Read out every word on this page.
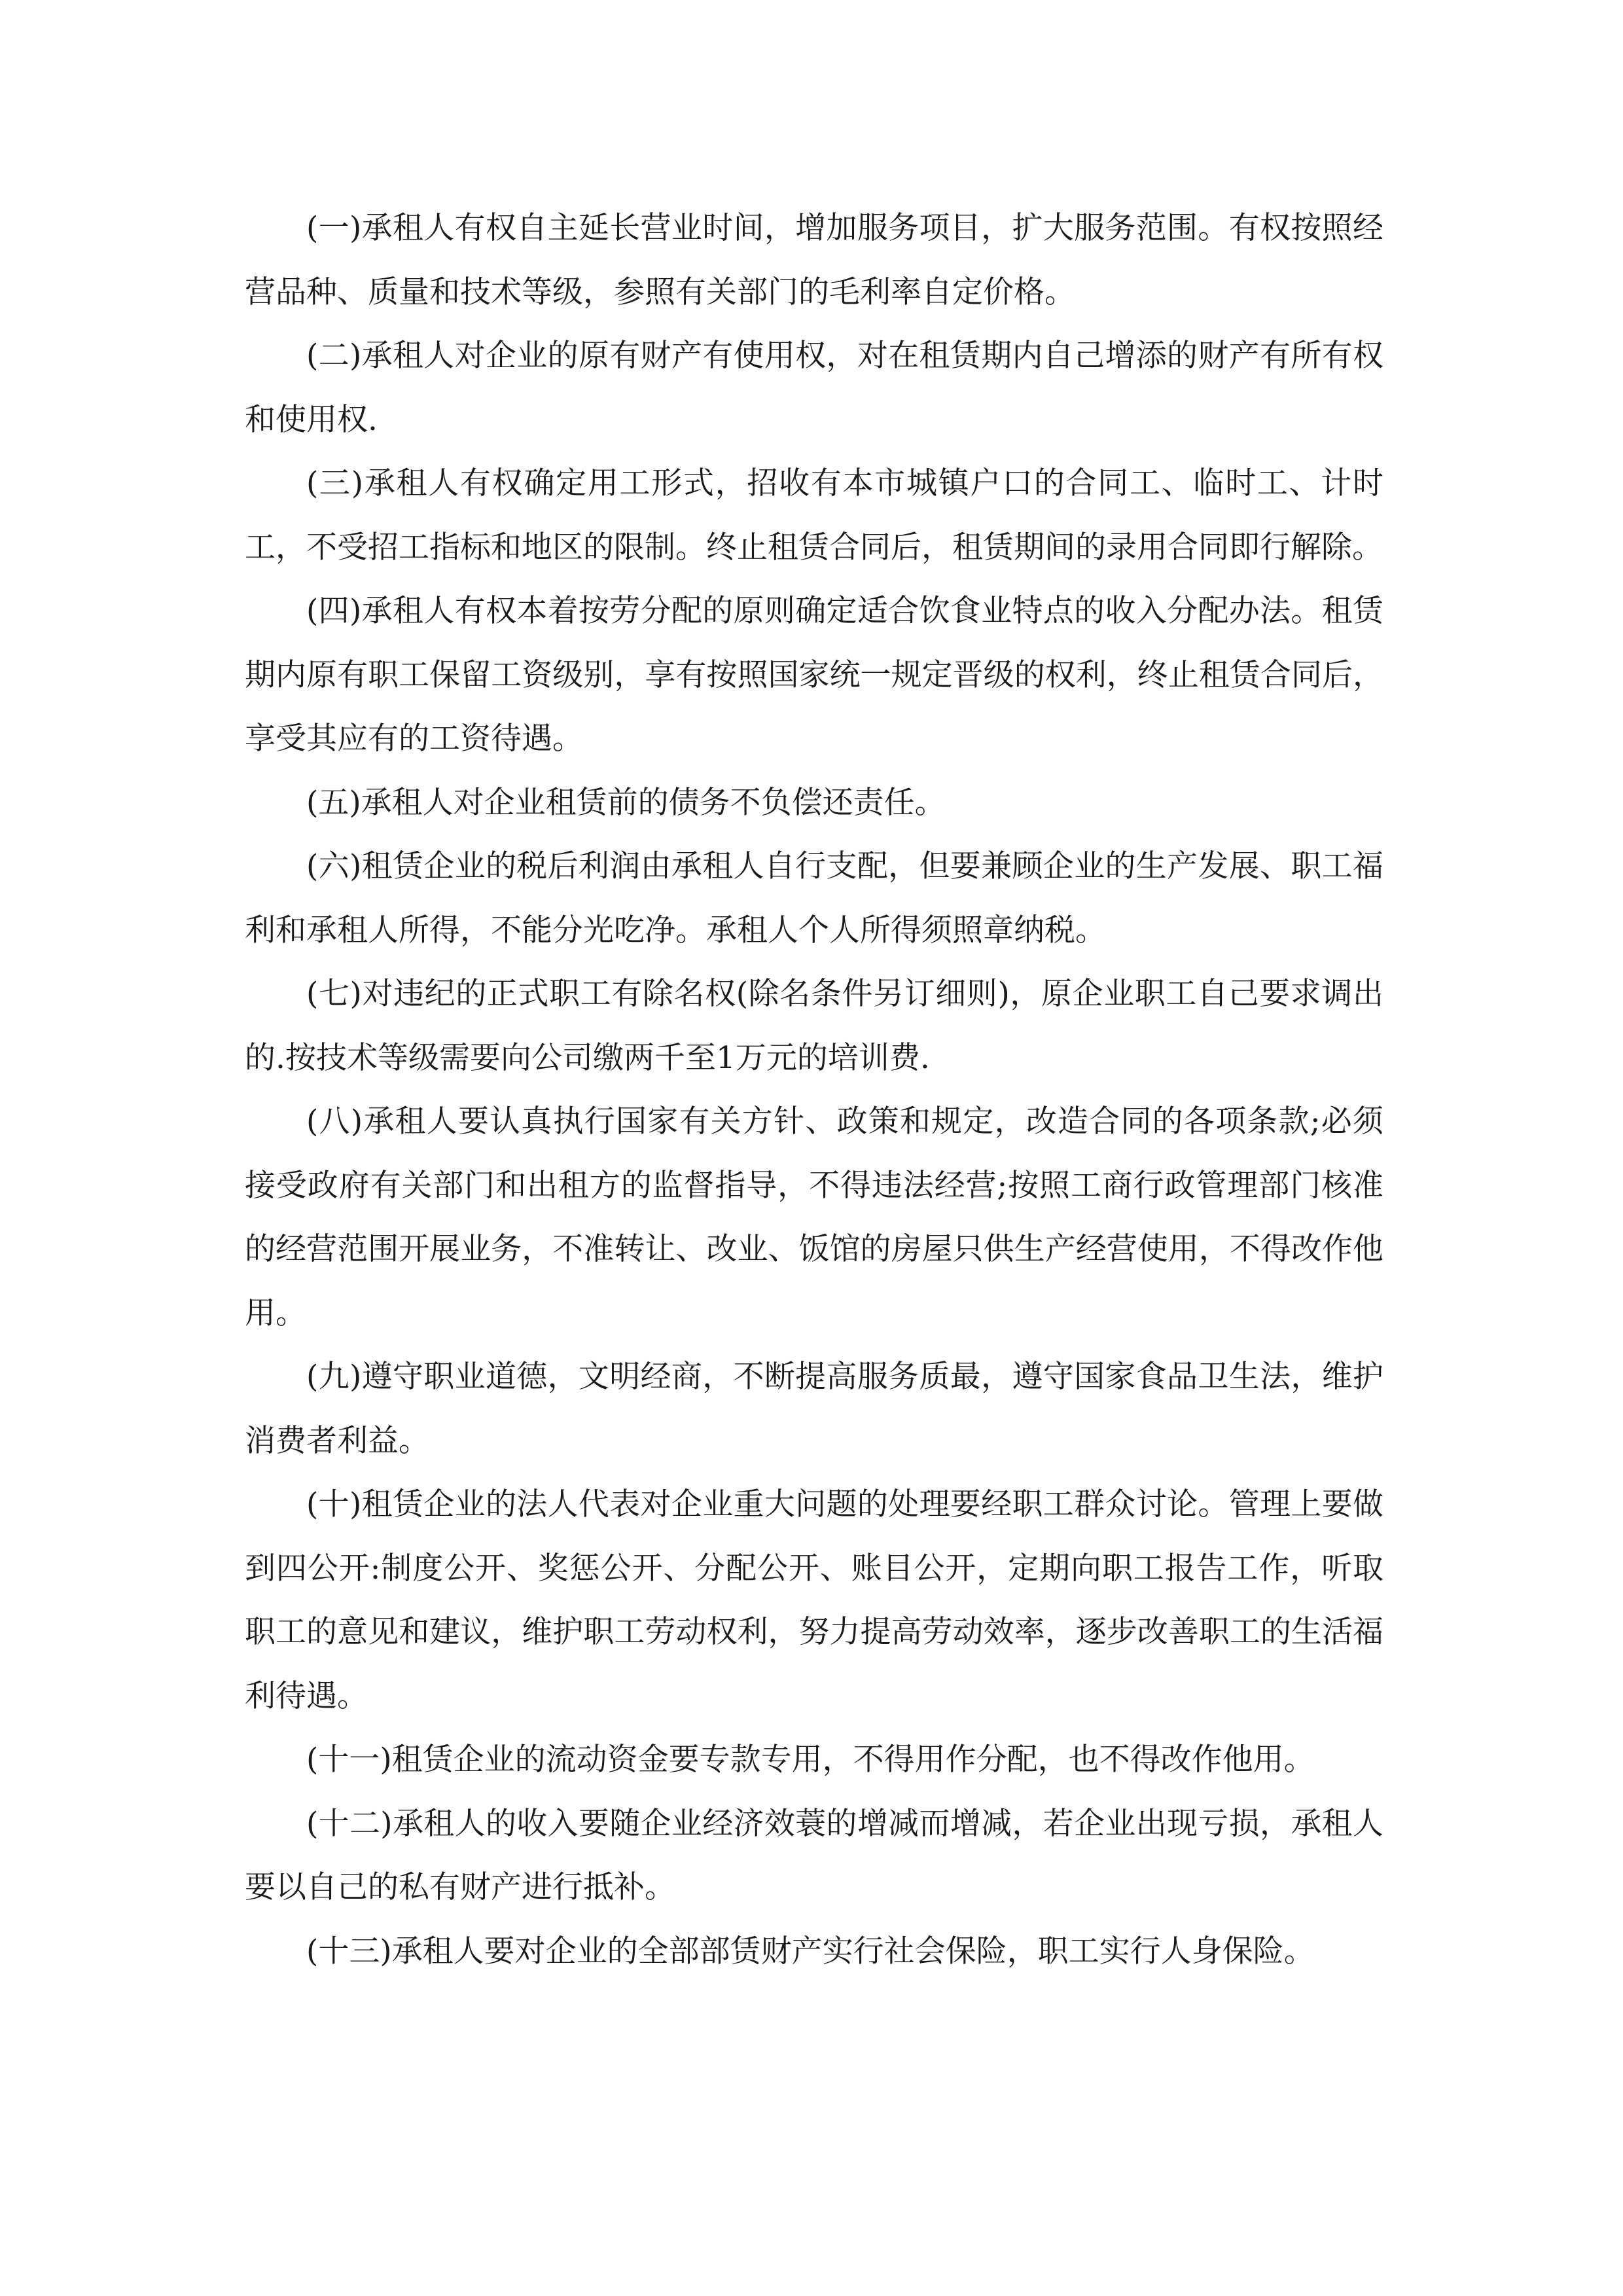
(一)承租人有权自主延长营业时间，增加服务项目，扩大服务范围。有权按照经营品种、质量和技术等级，参照有关部门的毛利率自定价格。

(二)承租人对企业的原有财产有使用权，对在租赁期内自己增添的财产有所有权和使用权.

(三)承租人有权确定用工形式，招收有本市城镇户口的合同工、临时工、计时工，不受招工指标和地区的限制。终止租赁合同后，租赁期间的录用合同即行解除。

(四)承租人有权本着按劳分配的原则确定适合饮食业特点的收入分配办法。租赁期内原有职工保留工资级别，享有按照国家统一规定晋级的权利，终止租赁合同后，享受其应有的工资待遇。

(五)承租人对企业租赁前的债务不负偿还责任。

(六)租赁企业的税后利润由承租人自行支配，但要兼顾企业的生产发展、职工福利和承租人所得，不能分光吃净。承租人个人所得须照章纳税。

(七)对违纪的正式职工有除名权(除名条件另订细则)，原企业职工自己要求调出的.按技术等级需要向公司缴两千至1万元的培训费.

(八)承租人要认真执行国家有关方针、政策和规定，改造合同的各项条款;必须接受政府有关部门和出租方的监督指导，不得违法经营;按照工商行政管理部门核准的经营范围开展业务，不准转让、改业、饭馆的房屋只供生产经营使用，不得改作他用。

(九)遵守职业道德，文明经商，不断提高服务质最，遵守国家食品卫生法，维护消费者利益。

(十)租赁企业的法人代表对企业重大问题的处理要经职工群众讨论。管理上要做到四公开:制度公开、奖惩公开、分配公开、账目公开，定期向职工报告工作，听取职工的意见和建议，维护职工劳动权利，努力提高劳动效率，逐步改善职工的生活福利待遇。

(十一)租赁企业的流动资金要专款专用，不得用作分配，也不得改作他用。

(十二)承租人的收入要随企业经济效蓑的增减而增减，若企业出现亏损，承租人要以自己的私有财产进行抵补。

(十三)承租人要对企业的全部部赁财产实行社会保险，职工实行人身保险。
